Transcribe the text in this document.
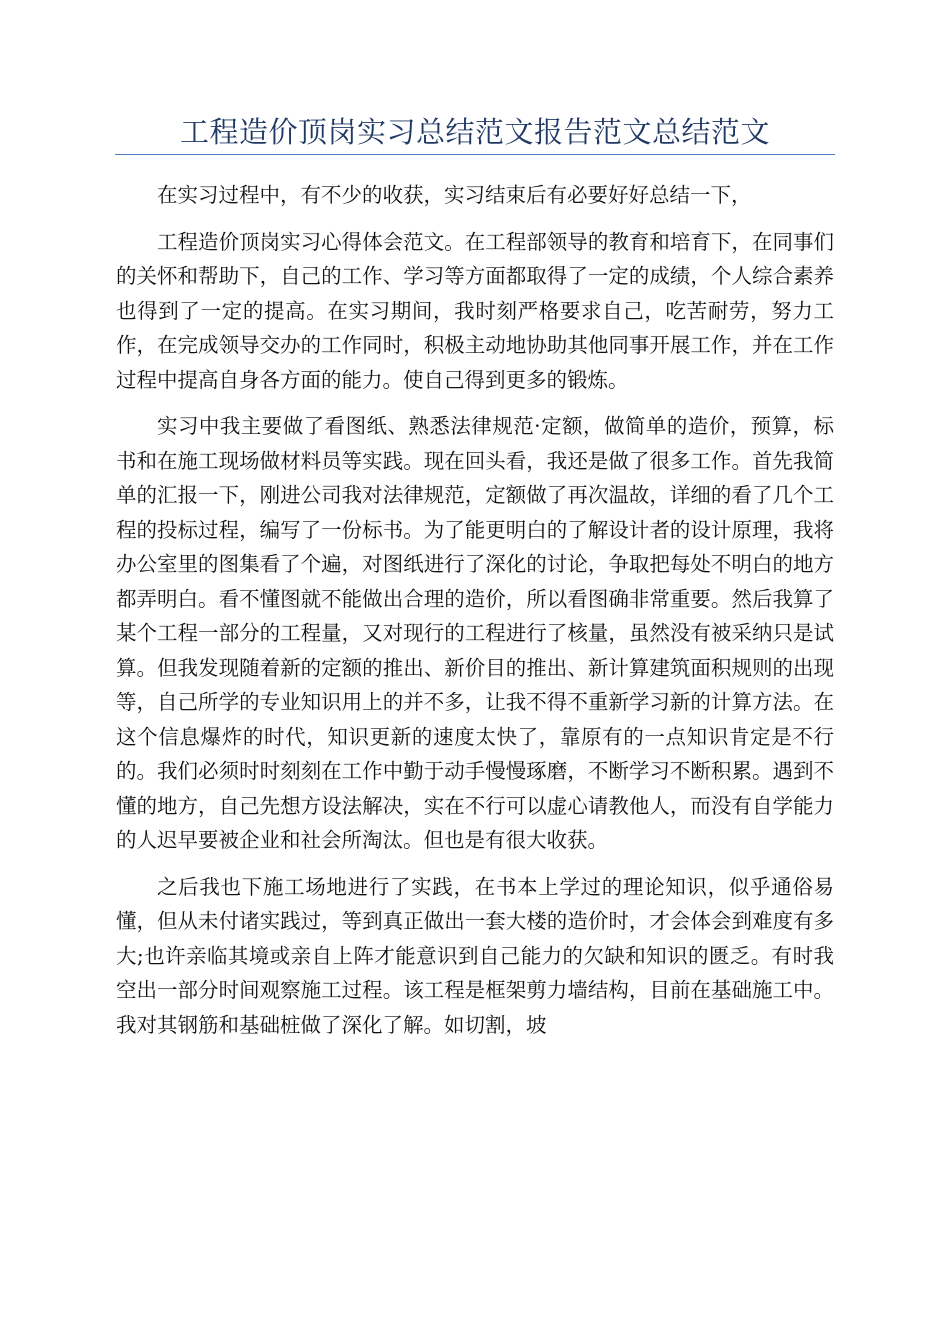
工程造价顶岗实习总结范文报告范文总结范文

在实习过程中，有不少的收获，实习结束后有必要好好总结一下，

工程造价顶岗实习心得体会范文。在工程部领导的教育和培育下，在同事们的关怀和帮助下，自己的工作、学习等方面都取得了一定的成绩，个人综合素养也得到了一定的提高。在实习期间，我时刻严格要求自己，吃苦耐劳，努力工作，在完成领导交办的工作同时，积极主动地协助其他同事开展工作，并在工作过程中提高自身各方面的能力。使自己得到更多的锻炼。

实习中我主要做了看图纸、熟悉法律规范·定额，做简单的造价，预算，标书和在施工现场做材料员等实践。现在回头看，我还是做了很多工作。首先我简单的汇报一下，刚进公司我对法律规范，定额做了再次温故，详细的看了几个工程的投标过程，编写了一份标书。为了能更明白的了解设计者的设计原理，我将办公室里的图集看了个遍，对图纸进行了深化的讨论，争取把每处不明白的地方都弄明白。看不懂图就不能做出合理的造价，所以看图确非常重要。然后我算了某个工程一部分的工程量，又对现行的工程进行了核量，虽然没有被采纳只是试算。但我发现随着新的定额的推出、新价目的推出、新计算建筑面积规则的出现等，自己所学的专业知识用上的并不多，让我不得不重新学习新的计算方法。在这个信息爆炸的时代，知识更新的速度太快了，靠原有的一点知识肯定是不行的。我们必须时时刻刻在工作中勤于动手慢慢琢磨，不断学习不断积累。遇到不懂的地方，自己先想方设法解决，实在不行可以虚心请教他人，而没有自学能力的人迟早要被企业和社会所淘汰。但也是有很大收获。

之后我也下施工场地进行了实践，在书本上学过的理论知识，似乎通俗易懂，但从未付诸实践过，等到真正做出一套大楼的造价时，才会体会到难度有多大;也许亲临其境或亲自上阵才能意识到自己能力的欠缺和知识的匮乏。有时我空出一部分时间观察施工过程。该工程是框架剪力墙结构，目前在基础施工中。我对其钢筋和基础桩做了深化了解。如切割，坡
